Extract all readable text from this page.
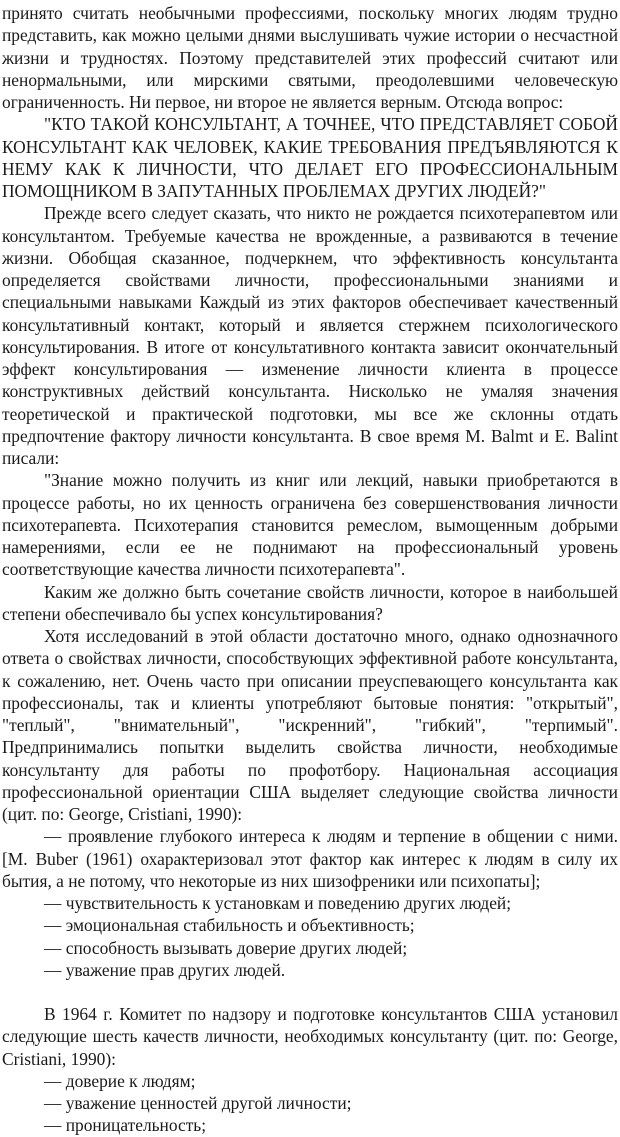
принято считать необычными профессиями, поскольку многих людям трудно представить, как можно целыми днями выслушивать чужие истории о несчастной жизни и трудностях. Поэтому представителей этих профессий считают или ненормальными, или мирскими святыми, преодолевшими человеческую ограниченность. Ни первое, ни второе не является верным. Отсюда вопрос:

"КТО ТАКОЙ КОНСУЛЬТАНТ, А ТОЧНЕЕ, ЧТО ПРЕДСТАВЛЯЕТ СОБОЙ КОНСУЛЬТАНТ КАК ЧЕЛОВЕК, КАКИЕ ТРЕБОВАНИЯ ПРЕДЪЯВЛЯЮТСЯ К НЕМУ КАК К ЛИЧНОСТИ, ЧТО ДЕЛАЕТ ЕГО ПРОФЕССИОНАЛЬНЫМ ПОМОЩНИКОМ В ЗАПУТАННЫХ ПРОБЛЕМАХ ДРУГИХ ЛЮДЕЙ?"

Прежде всего следует сказать, что никто не рождается психотерапевтом или консультантом. Требуемые качества не врожденные, а развиваются в течение жизни. Обобщая сказанное, подчеркнем, что эффективность консультанта определяется свойствами личности, профессиональными знаниями и специальными навыками Каждый из этих факторов обеспечивает качественный консультативный контакт, который и является стержнем психологического консультирования. В итоге от консультативного контакта зависит окончательный эффект консультирования — изменение личности клиента в процессе конструктивных действий консультанта. Нисколько не умаляя значения теоретической и практической подготовки, мы все же склонны отдать предпочтение фактору личности консультанта. В свое время M. Balmt и E. Balint писали:

"Знание можно получить из книг или лекций, навыки приобретаются в процессе работы, но их ценность ограничена без совершенствования личности психотерапевта. Психотерапия становится ремеслом, вымощенным добрыми намерениями, если ее не поднимают на профессиональный уровень соответствующие качества личности психотерапевта".

Каким же должно быть сочетание свойств личности, которое в наибольшей степени обеспечивало бы успех консультирования?

Хотя исследований в этой области достаточно много, однако однозначного ответа о свойствах личности, способствующих эффективной работе консультанта, к сожалению, нет. Очень часто при описании преуспевающего консультанта как профессионалы, так и клиенты употребляют бытовые понятия: "открытый", "теплый", "внимательный", "искренний", "гибкий", "терпимый". Предпринимались попытки выделить свойства личности, необходимые консультанту для работы по профотбору. Национальная ассоциация профессиональной ориентации США выделяет следующие свойства личности (цит. по: George, Cristiani, 1990):

— проявление глубокого интереса к людям и терпение в общении с ними. [M. Buber (1961) охарактеризовал этот фактор как интерес к людям в силу их бытия, а не потому, что некоторые из них шизофреники или психопаты];

— чувствительность к установкам и поведению других людей;

— эмоциональная стабильность и объективность;

— способность вызывать доверие других людей;

— уважение прав других людей.

В 1964 г. Комитет по надзору и подготовке консультантов США установил следующие шесть качеств личности, необходимых консультанту (цит. по: George, Cristiani, 1990):

— доверие к людям;

— уважение ценностей другой личности;

— проницательность;
